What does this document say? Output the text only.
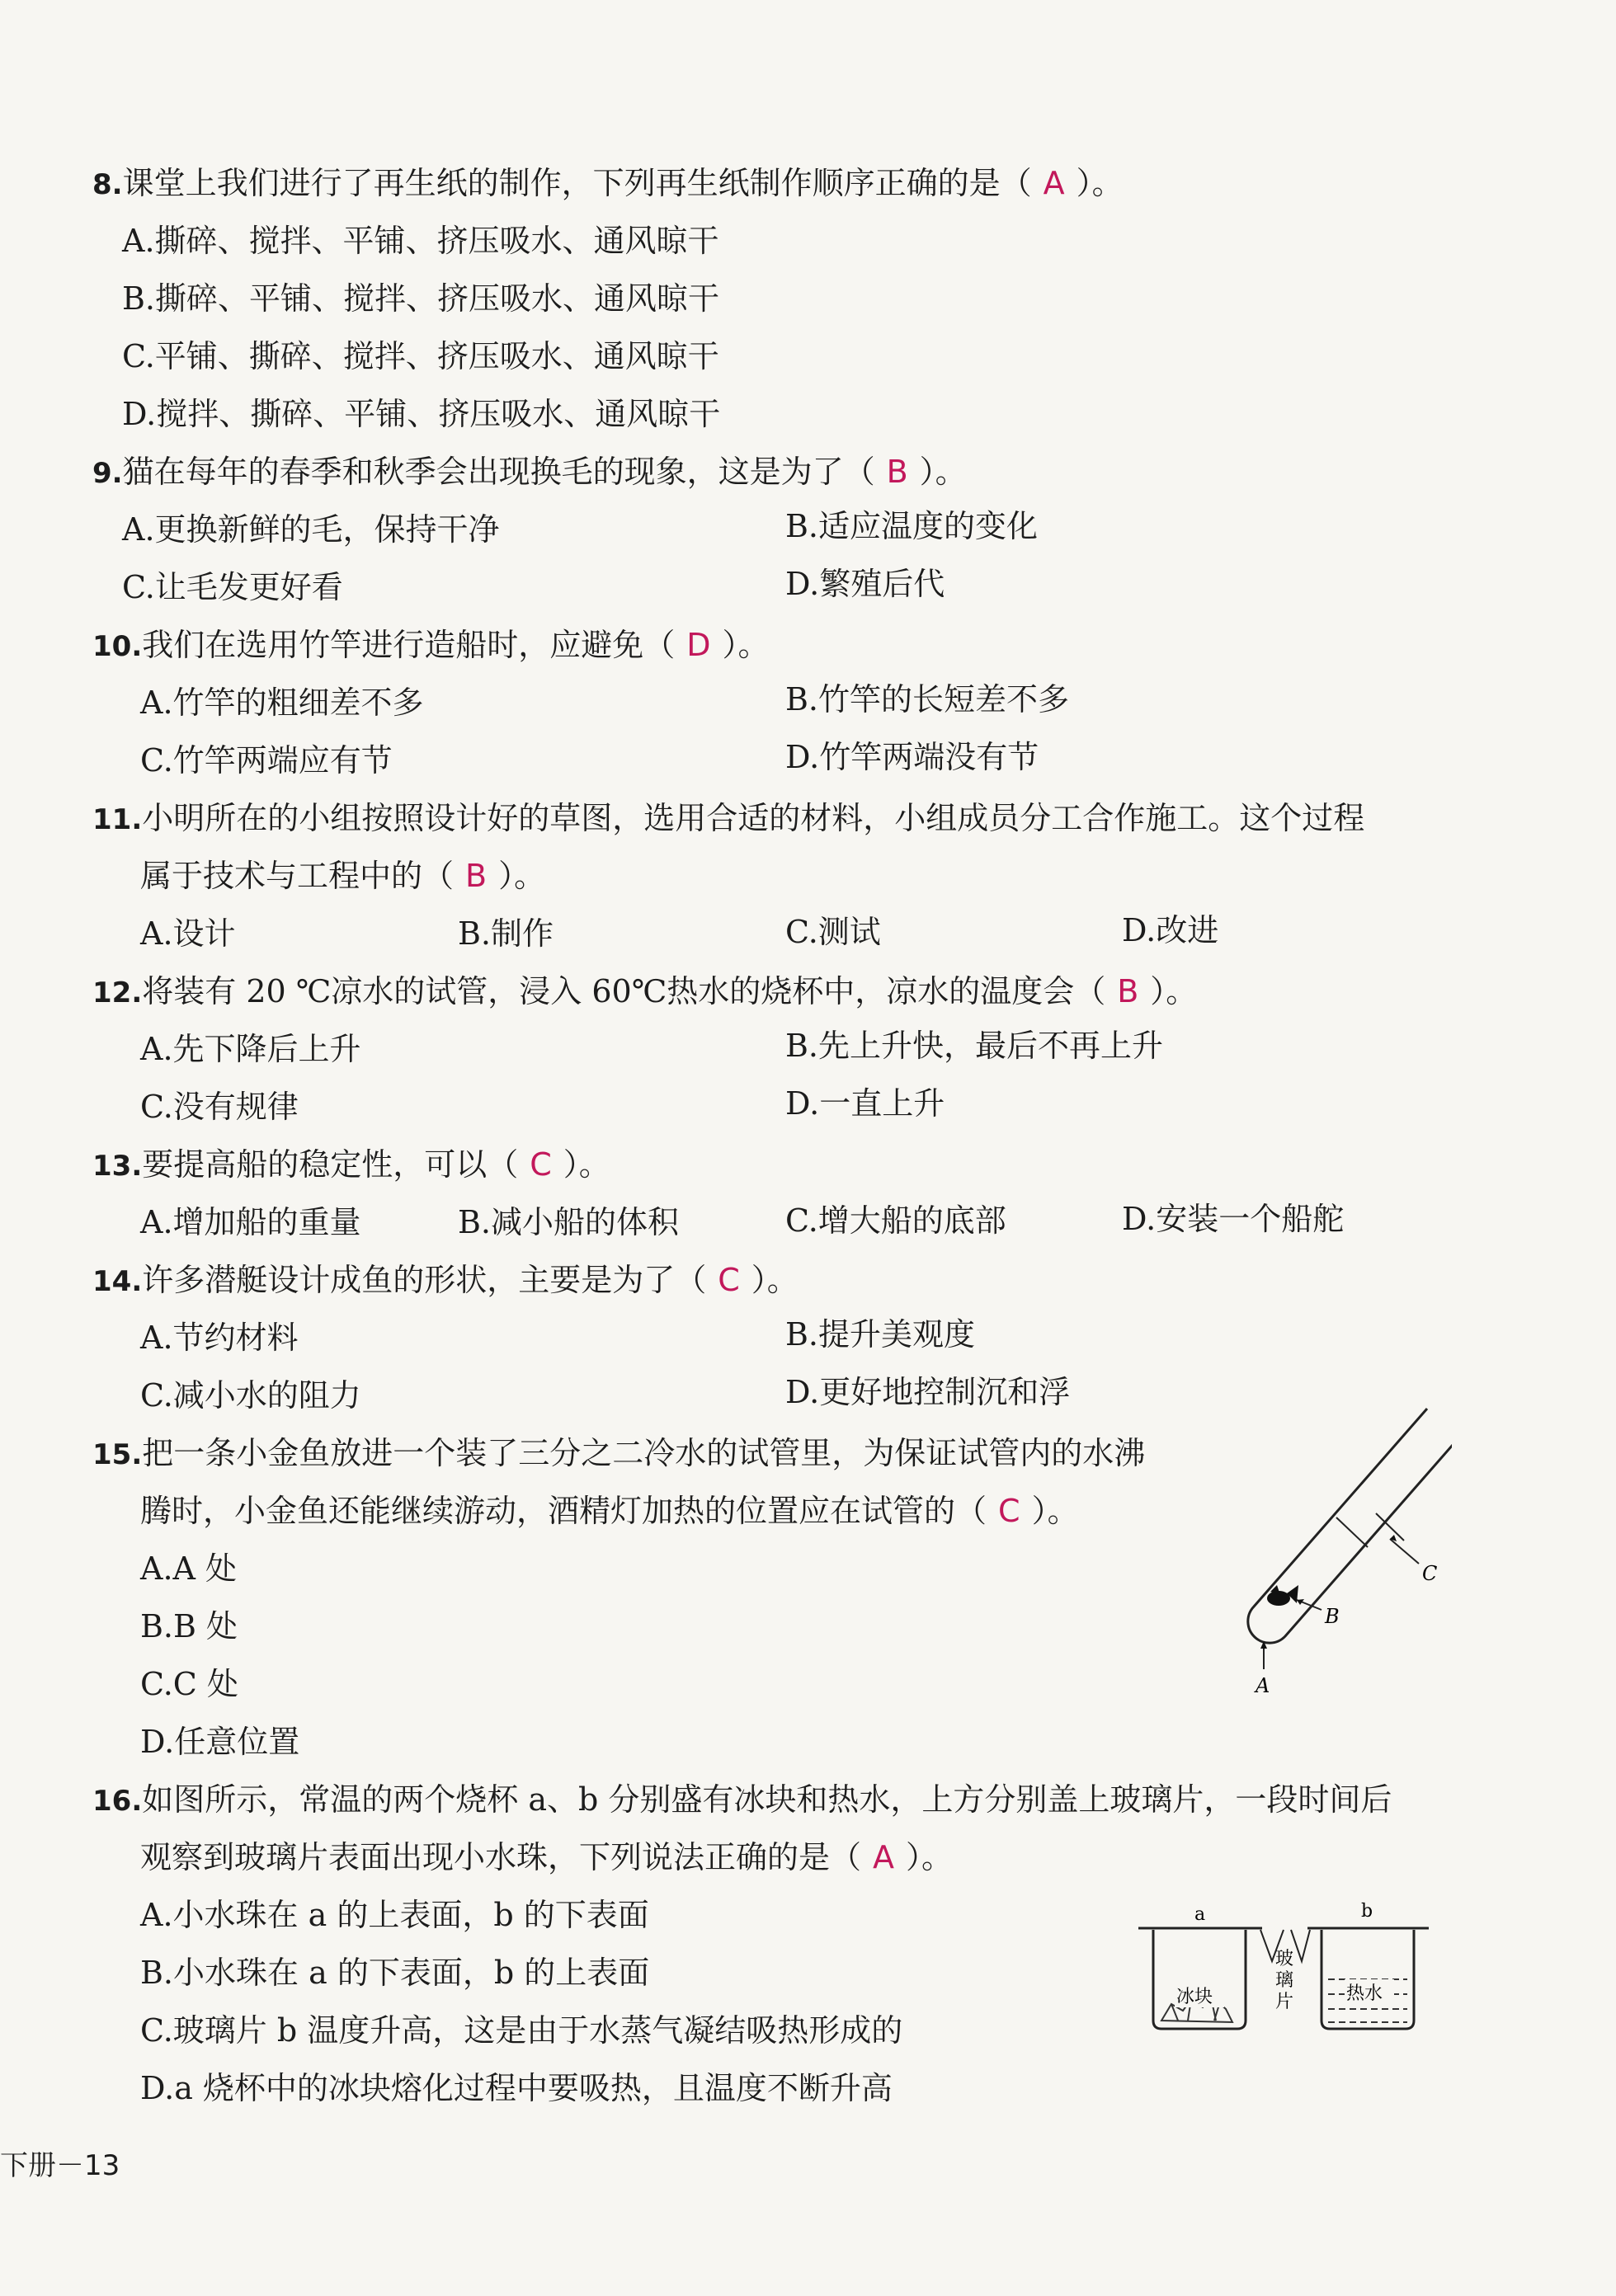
8.课堂上我们进行了再生纸的制作，下列再生纸制作顺序正确的是（ A ）。
A.撕碎、搅拌、平铺、挤压吸水、通风晾干
B.撕碎、平铺、搅拌、挤压吸水、通风晾干
C.平铺、撕碎、搅拌、挤压吸水、通风晾干
D.搅拌、撕碎、平铺、挤压吸水、通风晾干
9.猫在每年的春季和秋季会出现换毛的现象，这是为了（ B ）。
A.更换新鲜的毛，保持干净	B.适应温度的变化
C.让毛发更好看	D.繁殖后代
10.我们在选用竹竿进行造船时，应避免（ D ）。
A.竹竿的粗细差不多	B.竹竿的长短差不多
C.竹竿两端应有节	D.竹竿两端没有节
11.小明所在的小组按照设计好的草图，选用合适的材料，小组成员分工合作施工。这个过程
属于技术与工程中的（ B ）。
A.设计	B.制作	C.测试	D.改进
12.将装有 20 ℃凉水的试管，浸入 60℃热水的烧杯中，凉水的温度会（ B ）。
A.先下降后上升	B.先上升快，最后不再上升
C.没有规律	D.一直上升
13.要提高船的稳定性，可以（ C ）。
A.增加船的重量	B.减小船的体积	C.增大船的底部	D.安装一个船舵
14.许多潜艇设计成鱼的形状，主要是为了（ C ）。
A.节约材料	B.提升美观度
C.减小水的阻力	D.更好地控制沉和浮
15.把一条小金鱼放进一个装了三分之二冷水的试管里，为保证试管内的水沸
腾时，小金鱼还能继续游动，酒精灯加热的位置应在试管的（ C ）。
A.A 处
B.B 处
C.C 处
D.任意位置
C
B
A
16.如图所示，常温的两个烧杯 a、b 分别盛有冰块和热水，上方分别盖上玻璃片，一段时间后
观察到玻璃片表面出现小水珠，下列说法正确的是（ A ）。
A.小水珠在 a 的上表面，b 的下表面
B.小水珠在 a 的下表面，b 的上表面
C.玻璃片 b 温度升高，这是由于水蒸气凝结吸热形成的
D.a 烧杯中的冰块熔化过程中要吸热，且温度不断升高
冰块	热水
a	b
玻
璃
片
下册－13
